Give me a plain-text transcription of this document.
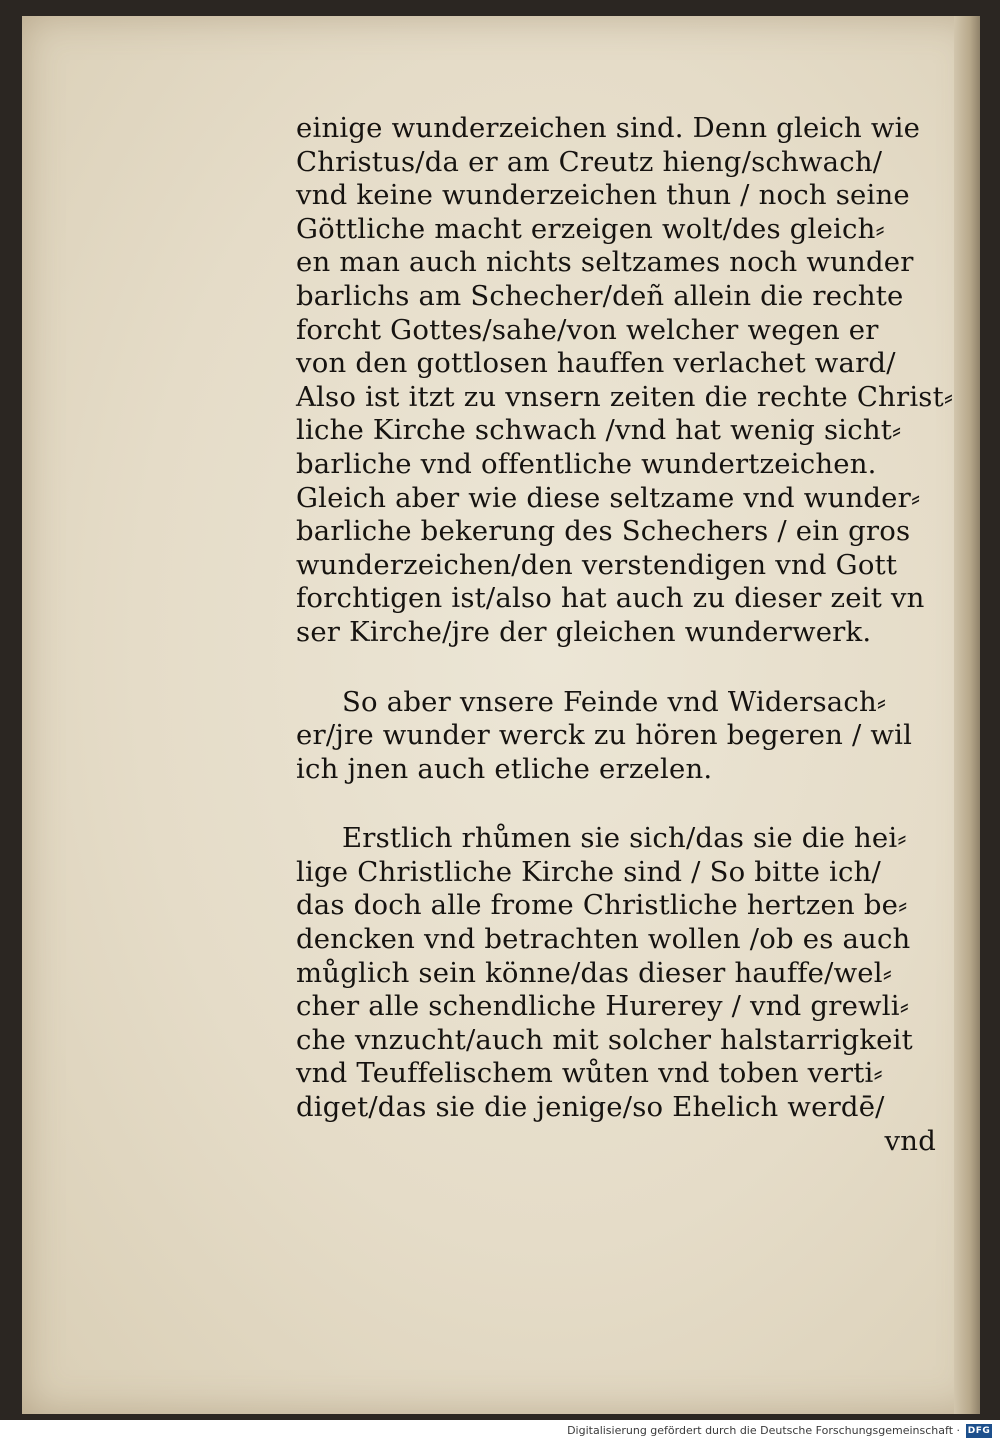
einige wunderzeichen sind. Denn gleich wie
Christus/da er am Creutz hieng/schwach/
vnd keine wunderzeichen thun / noch seine
Göttliche macht erzeigen wolt/des gleich⸗
en man auch nichts seltzames noch wunder
barlichs am Schecher/deñ allein die rechte
forcht Gottes/sahe/von welcher wegen er
von den gottlosen hauffen verlachet ward/
Also ist itzt zu vnsern zeiten die rechte Christ⸗
liche Kirche schwach /vnd hat wenig sicht⸗
barliche vnd offentliche wundertzeichen.
Gleich aber wie diese seltzame vnd wunder⸗
barliche bekerung des Schechers / ein gros
wunderzeichen/den verstendigen vnd Gott
forchtigen ist/also hat auch zu dieser zeit vn
ser Kirche/jre der gleichen wunderwerk.
So aber vnsere Feinde vnd Widersach⸗
er/jre wunder werck zu hören begeren / wil
ich jnen auch etliche erzelen.
Erstlich rhůmen sie sich/das sie die hei⸗
lige Christliche Kirche sind / So bitte ich/
das doch alle frome Christliche hertzen be⸗
dencken vnd betrachten wollen /ob es auch
můglich sein könne/das dieser hauffe/wel⸗
cher alle schendliche Hurerey / vnd grewli⸗
che vnzucht/auch mit solcher halstarrigkeit
vnd Teuffelischem wůten vnd toben verti⸗
diget/das sie die jenige/so Ehelich werdē/
vnd
Digitalisierung gefördert durch die Deutsche Forschungsgemeinschaft · DFG
